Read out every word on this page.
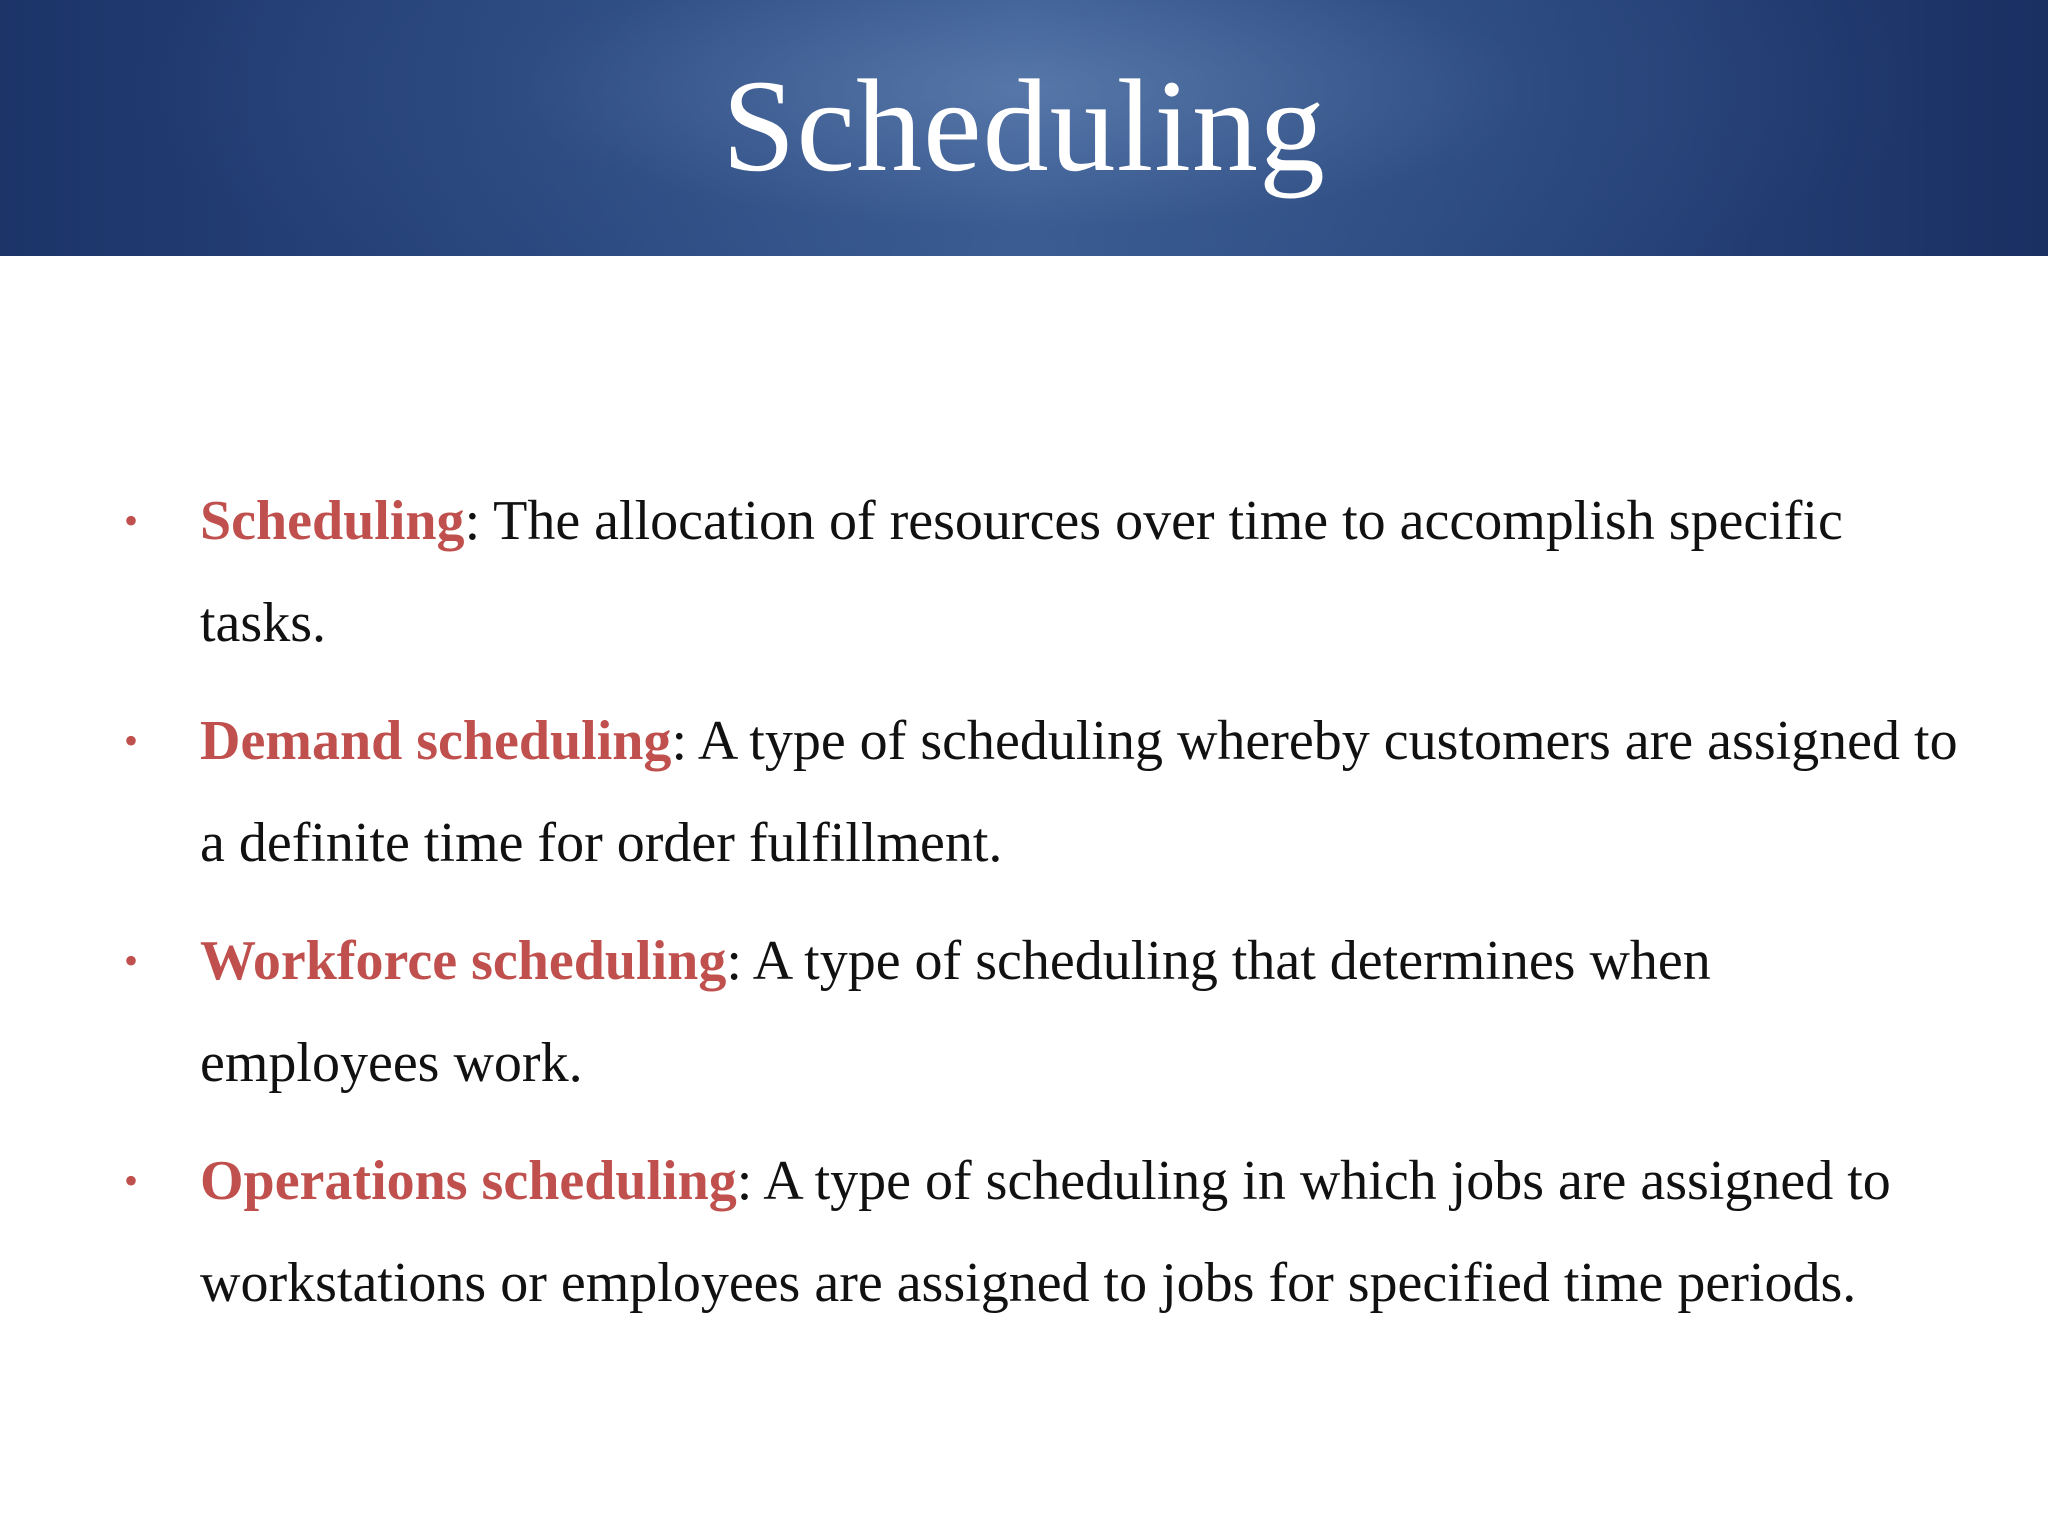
Scheduling
• Scheduling: The allocation of resources over time to accomplish specific tasks.
• Demand scheduling: A type of scheduling whereby customers are assigned to a definite time for order fulfillment.
• Workforce scheduling: A type of scheduling that determines when employees work.
• Operations scheduling: A type of scheduling in which jobs are assigned to workstations or employees are assigned to jobs for specified time periods.
